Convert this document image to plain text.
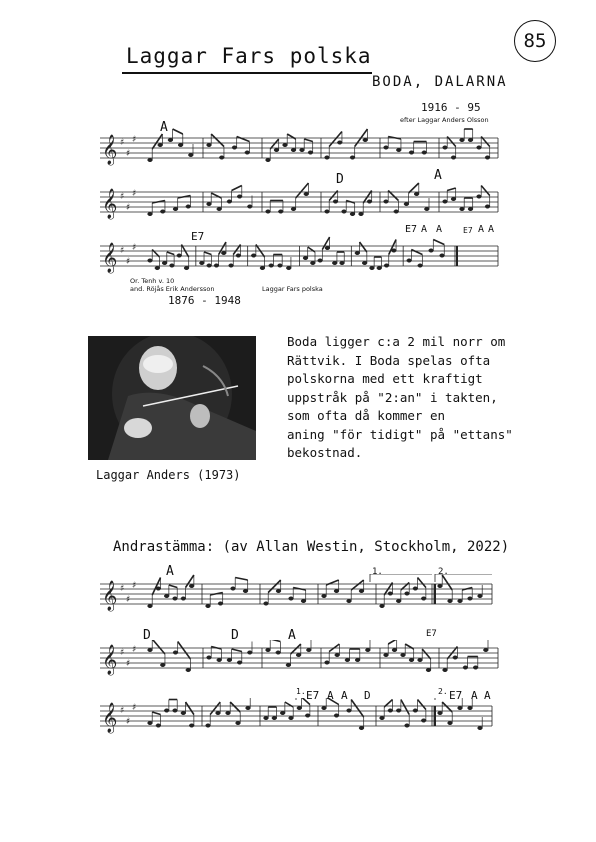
85
Laggar Fars polska
BODA, DALARNA
1916 - 95
efter Laggar Anders Olsson
𝄞 ♯
♯
♯
A
𝄞 ♯
♯
♯
D	A
𝄞 ♯
♯
♯
E7
E7 A A	E7 A A
Or. Tenh v. 10
and. Röjås Erik Andersson
1876 - 1948
Laggar Fars polska
Laggar Anders (1973)
Boda ligger c:a 2 mil norr om
Rättvik. I Boda spelas ofta
polskorna med ett kraftigt
uppstråk på "2:an" i takten,
som ofta då kommer en
aning "för tidigt" på "ettans"
bekostnad.
Andrastämma: (av Allan Westin, Stockholm, 2022)
𝄞 ♯
♯
♯
A	1.	2.
𝄞 ♯
♯
♯
D	D	A	E7
𝄞 ♯
♯
♯
1. E7 A A D	2. E7 A A
